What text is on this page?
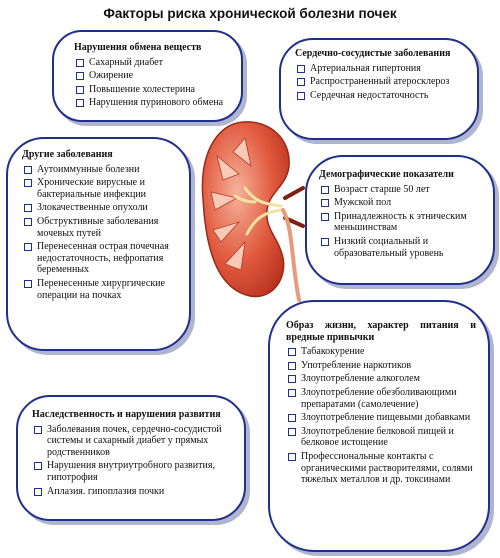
Факторы риска хронической болезни почек
Нарушения обмена веществ
Сахарный диабет
Ожирение
Повышение холестерина
Нарушения пуринового обмена
Сердечно-сосудистые заболевания
Артериальная гипертония
Распространенный атеросклероз
Сердечная недостаточность
Другие заболевания
Аутоиммунные болезни
Хронические вирусные и бактериальные инфекции
Злокачественные опухоли
Обструктивные заболевания мочевых путей
Перенесенная острая почечная недостаточность, нефропатия беременных
Перенесенные хирургические операции на почках
Демографические показатели
Возраст старше 50 лет
Мужской пол
Принадлежность к этническим меньшинствам
Низкий социальный и образовательный уровень
Образ жизни, характер питания и вредные привычки
Табакокурение
Употребление наркотиков
Злоупотребление алкоголем
Злоупотребление обезболивающими препаратами (самолечение)
Злоупотребление пищевыми добавками
Злоупотребление белковой пищей и белковое истощение
Профессиональные контакты с органическими растворителями, солями тяжелых металлов и др. токсинами
Наследственность и нарушения развития
Заболевания почек, сердечно-сосудистой системы и сахарный диабет у прямых родственников
Нарушения внутриутробного развития, гипотрофия
Аплазия. гипоплазия почки
